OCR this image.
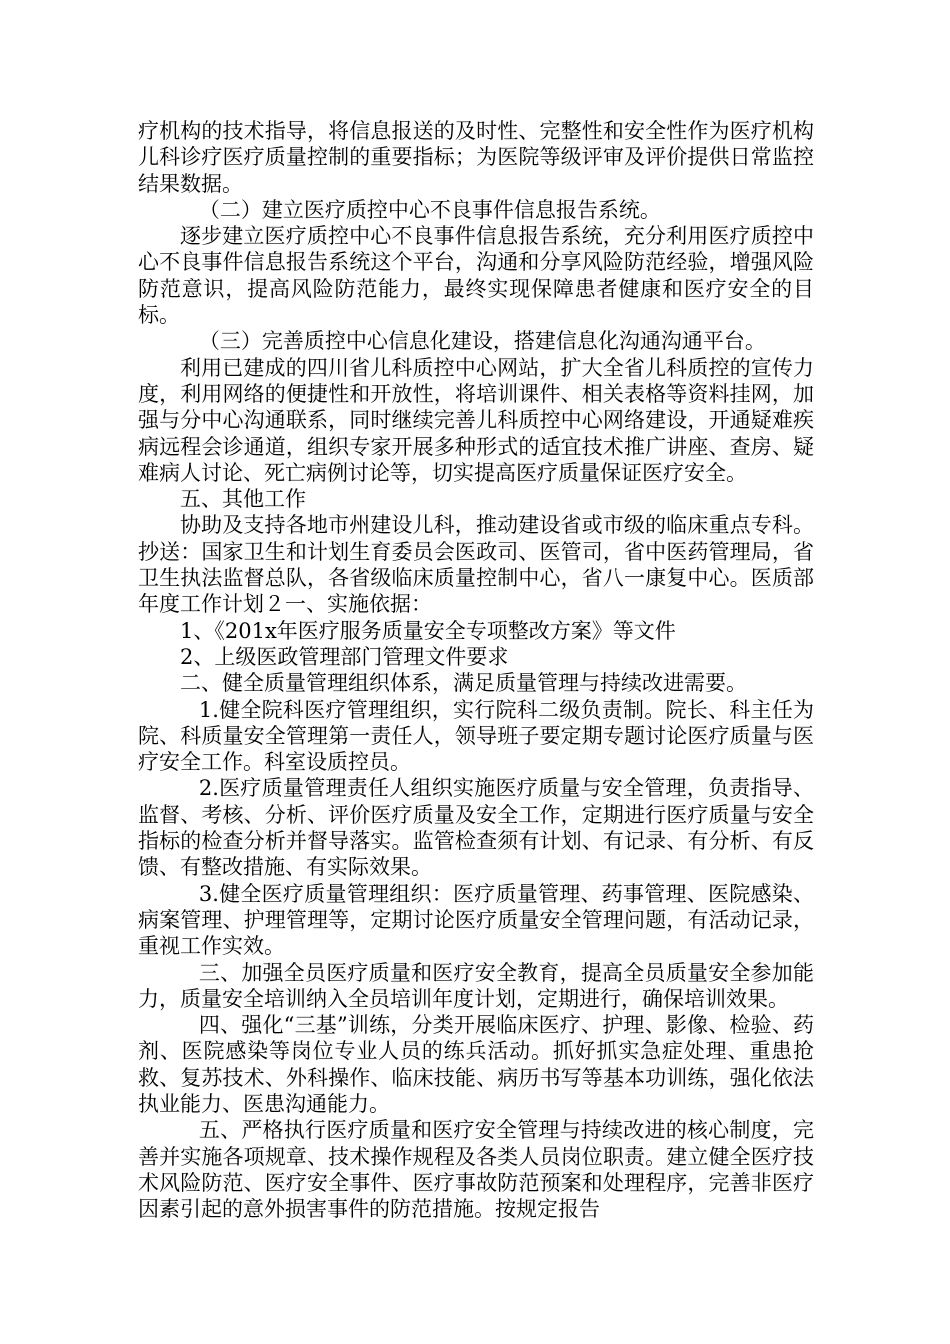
疗机构的技术指导，将信息报送的及时性、完整性和安全性作为医疗机构儿科诊疗医疗质量控制的重要指标；为医院等级评审及评价提供日常监控结果数据。

（二）建立医疗质控中心不良事件信息报告系统。

逐步建立医疗质控中心不良事件信息报告系统，充分利用医疗质控中心不良事件信息报告系统这个平台，沟通和分享风险防范经验，增强风险防范意识，提高风险防范能力，最终实现保障患者健康和医疗安全的目标。

（三）完善质控中心信息化建设，搭建信息化沟通沟通平台。

利用已建成的四川省儿科质控中心网站，扩大全省儿科质控的宣传力度，利用网络的便捷性和开放性，将培训课件、相关表格等资料挂网，加强与分中心沟通联系，同时继续完善儿科质控中心网络建设，开通疑难疾病远程会诊通道，组织专家开展多种形式的适宜技术推广讲座、查房、疑难病人讨论、死亡病例讨论等，切实提高医疗质量保证医疗安全。

五、其他工作

协助及支持各地市州建设儿科，推动建设省或市级的临床重点专科。抄送：国家卫生和计划生育委员会医政司、医管司，省中医药管理局，省卫生执法监督总队，各省级临床质量控制中心，省八一康复中心。医质部年度工作计划２一、实施依据：

1、《201x年医疗服务质量安全专项整改方案》等文件

2、上级医政管理部门管理文件要求

二、健全质量管理组织体系，满足质量管理与持续改进需要。

1.健全院科医疗管理组织，实行院科二级负责制。院长、科主任为院、科质量安全管理第一责任人，领导班子要定期专题讨论医疗质量与医疗安全工作。科室设质控员。

2.医疗质量管理责任人组织实施医疗质量与安全管理，负责指导、监督、考核、分析、评价医疗质量及安全工作，定期进行医疗质量与安全指标的检查分析并督导落实。监管检查须有计划、有记录、有分析、有反馈、有整改措施、有实际效果。

3.健全医疗质量管理组织：医疗质量管理、药事管理、医院感染、病案管理、护理管理等，定期讨论医疗质量安全管理问题，有活动记录，重视工作实效。

三、加强全员医疗质量和医疗安全教育，提高全员质量安全参加能力，质量安全培训纳入全员培训年度计划，定期进行，确保培训效果。

四、强化“三基”训练，分类开展临床医疗、护理、影像、检验、药剂、医院感染等岗位专业人员的练兵活动。抓好抓实急症处理、重患抢救、复苏技术、外科操作、临床技能、病历书写等基本功训练，强化依法执业能力、医患沟通能力。

五、严格执行医疗质量和医疗安全管理与持续改进的核心制度，完善并实施各项规章、技术操作规程及各类人员岗位职责。建立健全医疗技术风险防范、医疗安全事件、医疗事故防范预案和处理程序，完善非医疗因素引起的意外损害事件的防范措施。按规定报告
